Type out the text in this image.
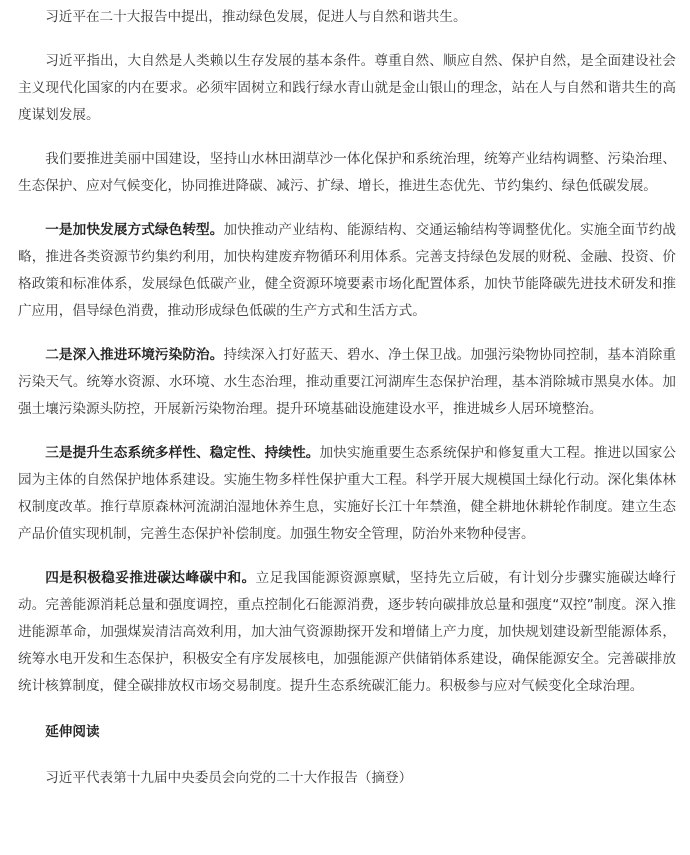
习近平在二十大报告中提出，推动绿色发展，促进人与自然和谐共生。

习近平指出，大自然是人类赖以生存发展的基本条件。尊重自然、顺应自然、保护自然，是全面建设社会主义现代化国家的内在要求。必须牢固树立和践行绿水青山就是金山银山的理念，站在人与自然和谐共生的高度谋划发展。

我们要推进美丽中国建设，坚持山水林田湖草沙一体化保护和系统治理，统筹产业结构调整、污染治理、生态保护、应对气候变化，协同推进降碳、减污、扩绿、增长，推进生态优先、节约集约、绿色低碳发展。

一是加快发展方式绿色转型。加快推动产业结构、能源结构、交通运输结构等调整优化。实施全面节约战略，推进各类资源节约集约利用，加快构建废弃物循环利用体系。完善支持绿色发展的财税、金融、投资、价格政策和标准体系，发展绿色低碳产业，健全资源环境要素市场化配置体系，加快节能降碳先进技术研发和推广应用，倡导绿色消费，推动形成绿色低碳的生产方式和生活方式。

二是深入推进环境污染防治。持续深入打好蓝天、碧水、净土保卫战。加强污染物协同控制，基本消除重污染天气。统筹水资源、水环境、水生态治理，推动重要江河湖库生态保护治理，基本消除城市黑臭水体。加强土壤污染源头防控，开展新污染物治理。提升环境基础设施建设水平，推进城乡人居环境整治。

三是提升生态系统多样性、稳定性、持续性。加快实施重要生态系统保护和修复重大工程。推进以国家公园为主体的自然保护地体系建设。实施生物多样性保护重大工程。科学开展大规模国土绿化行动。深化集体林权制度改革。推行草原森林河流湖泊湿地休养生息，实施好长江十年禁渔，健全耕地休耕轮作制度。建立生态产品价值实现机制，完善生态保护补偿制度。加强生物安全管理，防治外来物种侵害。

四是积极稳妥推进碳达峰碳中和。立足我国能源资源禀赋，坚持先立后破，有计划分步骤实施碳达峰行动。完善能源消耗总量和强度调控，重点控制化石能源消费，逐步转向碳排放总量和强度“双控”制度。深入推进能源革命，加强煤炭清洁高效利用，加大油气资源勘探开发和增储上产力度，加快规划建设新型能源体系，统筹水电开发和生态保护，积极安全有序发展核电，加强能源产供储销体系建设，确保能源安全。完善碳排放统计核算制度，健全碳排放权市场交易制度。提升生态系统碳汇能力。积极参与应对气候变化全球治理。

延伸阅读

习近平代表第十九届中央委员会向党的二十大作报告（摘登）
